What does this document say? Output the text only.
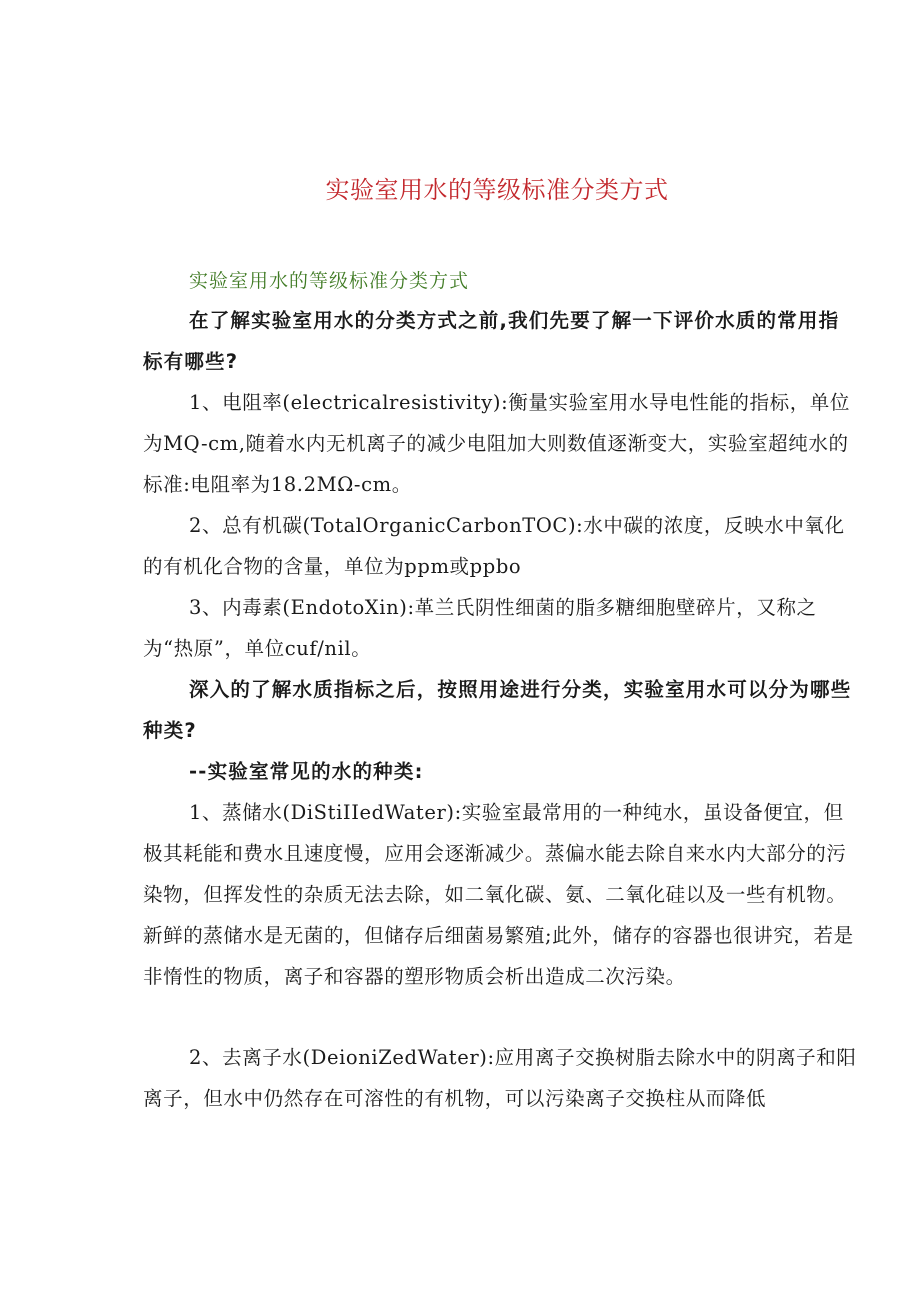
实验室用水的等级标准分类方式

实验室用水的等级标准分类方式

在了解实验室用水的分类方式之前,我们先要了解一下评价水质的常用指标有哪些?

1、电阻率(electricalresistivity):衡量实验室用水导电性能的指标，单位为MQ-cm,随着水内无机离子的减少电阻加大则数值逐渐变大，实验室超纯水的标准:电阻率为18.2MΩ-cm。

2、总有机碳(TotalOrganicCarbonTOC):水中碳的浓度，反映水中氧化的有机化合物的含量，单位为ppm或ppbo

3、内毒素(EndotoXin):革兰氏阴性细菌的脂多糖细胞壁碎片，又称之为“热原”，单位cuf/nil。

深入的了解水质指标之后，按照用途进行分类，实验室用水可以分为哪些种类?

--实验室常见的水的种类:

1、蒸储水(DiStiIIedWater):实验室最常用的一种纯水，虽设备便宜，但极其耗能和费水且速度慢，应用会逐渐减少。蒸偏水能去除自来水内大部分的污染物，但挥发性的杂质无法去除，如二氧化碳、氨、二氧化硅以及一些有机物。新鲜的蒸储水是无菌的，但储存后细菌易繁殖;此外，储存的容器也很讲究，若是非惰性的物质，离子和容器的塑形物质会析出造成二次污染。

2、去离子水(DeioniZedWater):应用离子交换树脂去除水中的阴离子和阳离子，但水中仍然存在可溶性的有机物，可以污染离子交换柱从而降低
